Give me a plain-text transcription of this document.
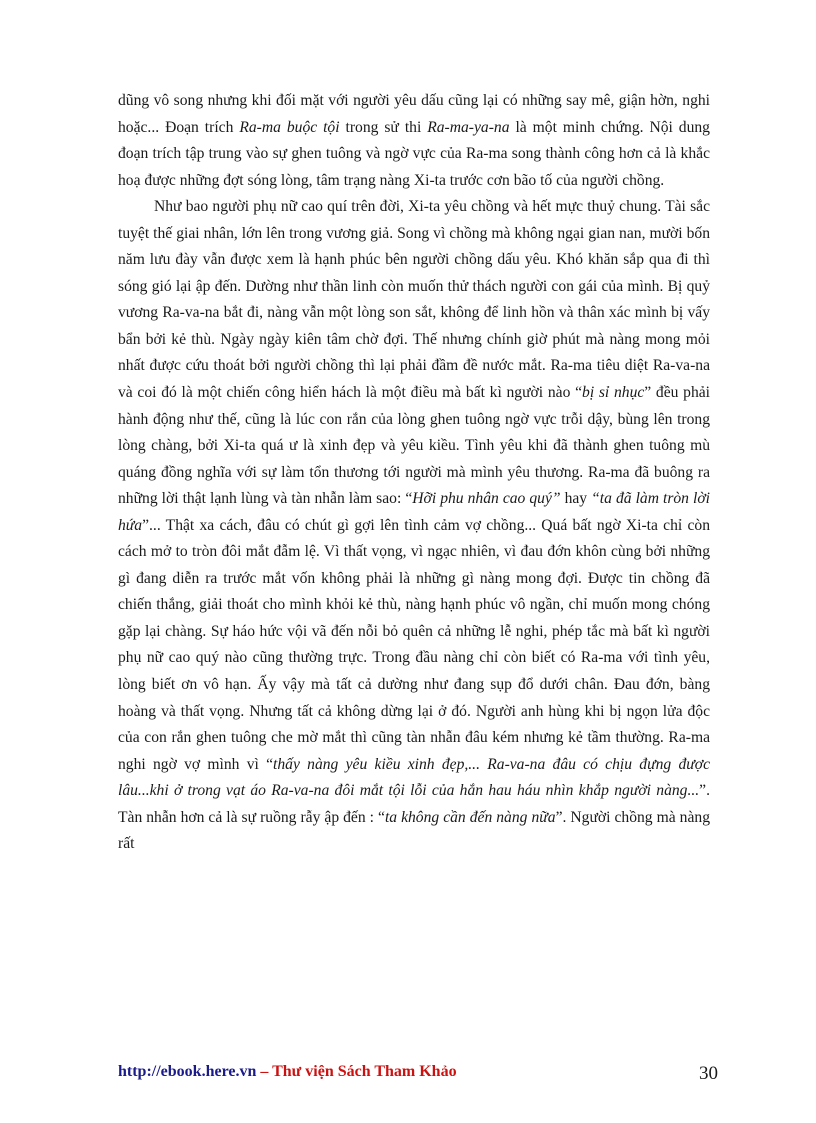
dũng vô song nhưng khi đối mặt với người yêu dấu cũng lại có những say mê, giận hờn, nghi hoặc... Đoạn trích Ra-ma buộc tội trong sử thi Ra-ma-ya-na là một minh chứng. Nội dung đoạn trích tập trung vào sự ghen tuông và ngờ vực của Ra-ma song thành công hơn cả là khắc hoạ được những đợt sóng lòng, tâm trạng nàng Xi-ta trước cơn bão tố của người chồng.

Như bao người phụ nữ cao quí trên đời, Xi-ta yêu chồng và hết mực thuỷ chung. Tài sắc tuyệt thế giai nhân, lớn lên trong vương giả. Song vì chồng mà không ngại gian nan, mười bốn năm lưu đày vẫn được xem là hạnh phúc bên người chồng dấu yêu. Khó khăn sắp qua đi thì sóng gió lại ập đến. Dường như thần linh còn muốn thử thách người con gái của mình. Bị quỷ vương Ra-va-na bắt đi, nàng vẫn một lòng son sắt, không để linh hồn và thân xác mình bị vấy bẩn bởi kẻ thù. Ngày ngày kiên tâm chờ đợi. Thế nhưng chính giờ phút mà nàng mong mỏi nhất được cứu thoát bởi người chồng thì lại phải đầm đề nước mắt. Ra-ma tiêu diệt Ra-va-na và coi đó là một chiến công hiển hách là một điều mà bất kì người nào “bị sỉ nhục” đều phải hành động như thế, cũng là lúc con rắn của lòng ghen tuông ngờ vực trỗi dậy, bùng lên trong lòng chàng, bởi Xi-ta quá ư là xinh đẹp và yêu kiều. Tình yêu khi đã thành ghen tuông mù quáng đồng nghĩa với sự làm tổn thương tới người mà mình yêu thương. Ra-ma đã buông ra những lời thật lạnh lùng và tàn nhẫn làm sao: “Hỡi phu nhân cao quý” hay “ta đã làm tròn lời hứa”... Thật xa cách, đâu có chút gì gợi lên tình cảm vợ chồng... Quá bất ngờ Xi-ta chỉ còn cách mở to tròn đôi mắt đẫm lệ. Vì thất vọng, vì ngạc nhiên, vì đau đớn khôn cùng bởi những gì đang diễn ra trước mắt vốn không phải là những gì nàng mong đợi. Được tin chồng đã chiến thắng, giải thoát cho mình khỏi kẻ thù, nàng hạnh phúc vô ngần, chỉ muốn mong chóng gặp lại chàng. Sự háo hức vội vã đến nỗi bỏ quên cả những lễ nghi, phép tắc mà bất kì người phụ nữ cao quý nào cũng thường trực. Trong đầu nàng chỉ còn biết có Ra-ma với tình yêu, lòng biết ơn vô hạn. Ấy vậy mà tất cả dường như đang sụp đổ dưới chân. Đau đớn, bàng hoàng và thất vọng. Nhưng tất cả không dừng lại ở đó. Người anh hùng khi bị ngọn lửa độc của con rắn ghen tuông che mờ mắt thì cũng tàn nhẫn đâu kém nhưng kẻ tầm thường. Ra-ma nghi ngờ vợ mình vì “thấy nàng yêu kiều xinh đẹp,... Ra-va-na đâu có chịu đựng được lâu...khi ở trong vạt áo Ra-va-na đôi mắt tội lỗi của hắn hau háu nhìn khắp người nàng...”. Tàn nhẫn hơn cả là sự ruồng rẫy ập đến : “ta không cần đến nàng nữa”. Người chồng mà nàng rất

http://ebook.here.vn – Thư viện Sách Tham Khảo	30
